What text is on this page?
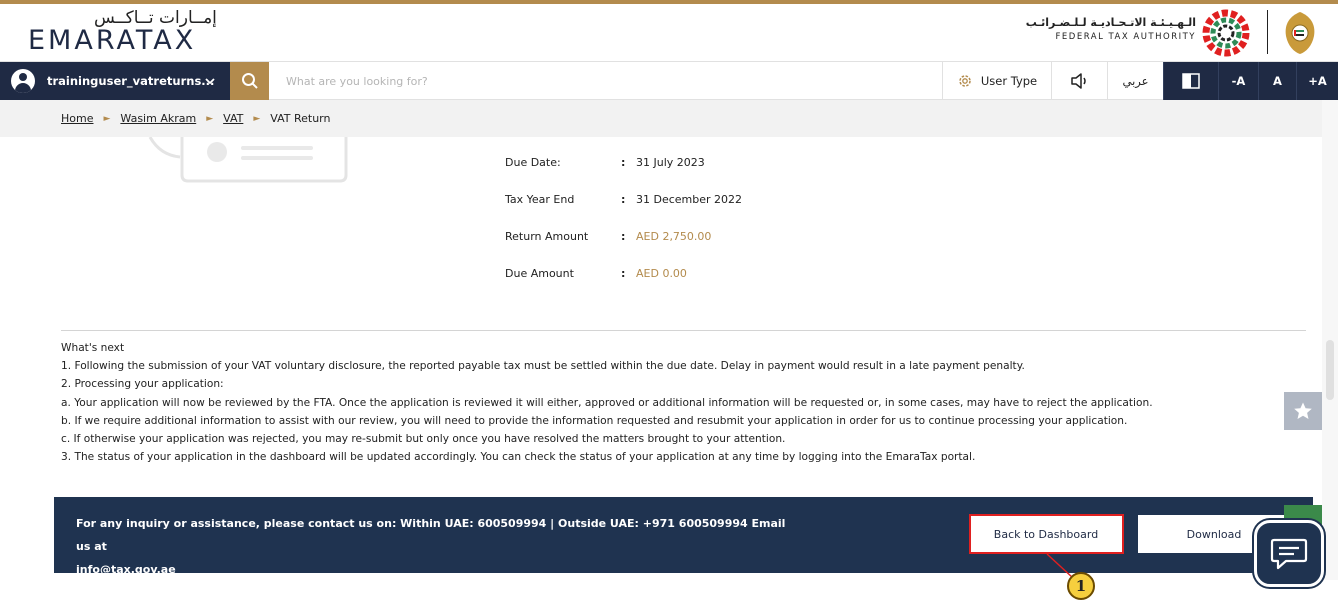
إمــارات تــاكــس
EMARATAX
الـهـيـئـة الاتـحـاديـة لـلـضـرائـب
FEDERAL TAX AUTHORITY
traininguser_vatreturns...
What are you looking for?	User Type	عربي	-A	A	+A
Home ► Wasim Akram ► VAT ► VAT Return
Due Date:	: 31 July 2023
Tax Year End	: 31 December 2022
Return Amount	: AED 2,750.00
Due Amount	: AED 0.00
What's next
1. Following the submission of your VAT voluntary disclosure, the reported payable tax must be settled within the due date. Delay in payment would result in a late payment penalty.
2. Processing your application:
a. Your application will now be reviewed by the FTA. Once the application is reviewed it will either, approved or additional information will be requested or, in some cases, may have to reject the application.
b. If we require additional information to assist with our review, you will need to provide the information requested and resubmit your application in order for us to continue processing your application.
c. If otherwise your application was rejected, you may re-submit but only once you have resolved the matters brought to your attention.
3. The status of your application in the dashboard will be updated accordingly. You can check the status of your application at any time by logging into the EmaraTax portal.
For any inquiry or assistance, please contact us on: Within UAE: 600509994 | Outside UAE: +971 600509994 Email us at
info@tax.gov.ae
Back to Dashboard	Download
1
